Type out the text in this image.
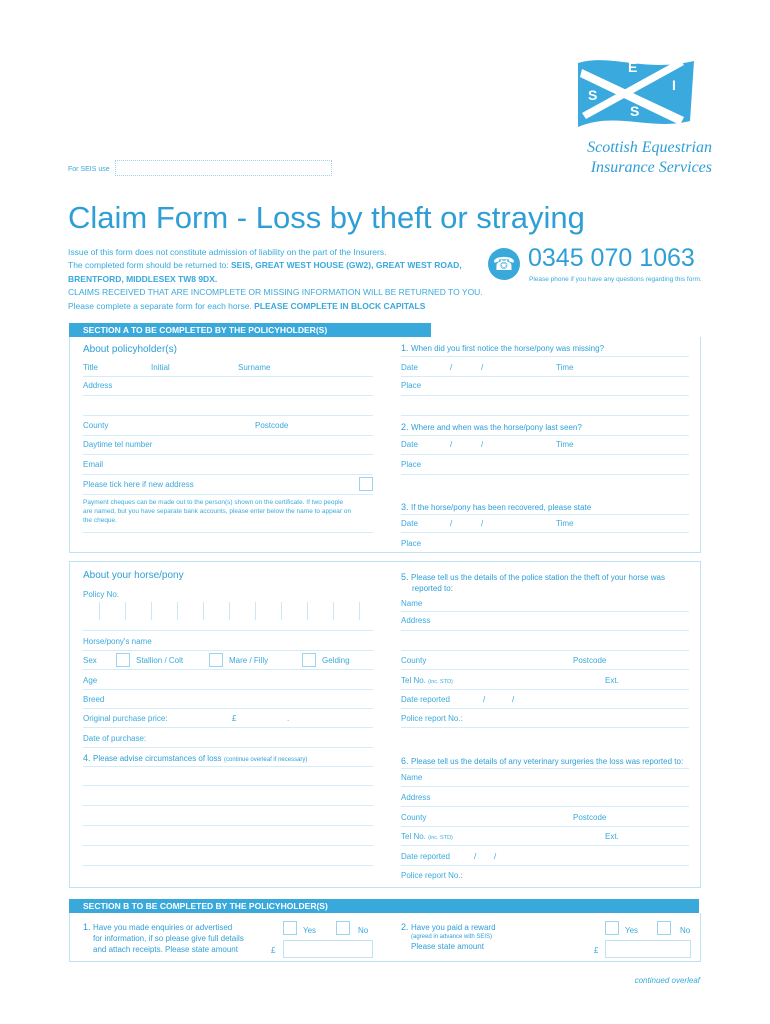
E
I
S
S
Scottish Equestrian
Insurance Services
For SEIS use
Claim Form - Loss by theft or straying
Issue of this form does not constitute admission of liability on the part of the Insurers.
The completed form should be returned to: SEIS, GREAT WEST HOUSE (GW2), GREAT WEST ROAD,
BRENTFORD, MIDDLESEX TW8 9DX.
CLAIMS RECEIVED THAT ARE INCOMPLETE OR MISSING INFORMATION WILL BE RETURNED TO YOU.
Please complete a separate form for each horse. PLEASE COMPLETE IN BLOCK CAPITALS
☎ 0345 070 1063
Please phone if you have any questions regarding this form.
SECTION A TO BE COMPLETED BY THE POLICYHOLDER(S)
About policyholder(s)
Title	Initial	Surname
Address
County	Postcode
Daytime tel number
Email
Please tick here if new address
Payment cheques can be made out to the person(s) shown on the certificate. If two people
are named, but you have separate bank accounts, please enter below the name to appear on
the cheque.
1. When did you first notice the horse/pony was missing?
Date	/	/	Time
Place
2. Where and when was the horse/pony last seen?
Date	/	/	Time
Place
3. If the horse/pony has been recovered, please state
Date	/	/	Time
Place
About your horse/pony
Policy No.
Horse/pony's name
Sex	Stallion / Colt	Mare / Filly	Gelding
Age
Breed
Original purchase price:	£	.
Date of purchase:
4. Please advise circumstances of loss (continue overleaf if necessary)
5. Please tell us the details of the police station the theft of your horse was
reported to:
Name
Address
County	Postcode
Tel No. (inc. STD)	Ext.
Date reported	/	/
Police report No.:
6. Please tell us the details of any veterinary surgeries the loss was reported to:
Name
Address
County	Postcode
Tel No. (inc. STD)	Ext.
Date reported	/ /
Police report No.:
SECTION B TO BE COMPLETED BY THE POLICYHOLDER(S)
1. Have you made enquiries or advertised
for information, if so please give full details
and attach receipts. Please state amount
Yes	No
£
2. Have you paid a reward
(agreed in advance with SEIS)
Please state amount
Yes	No
£
continued overleaf
